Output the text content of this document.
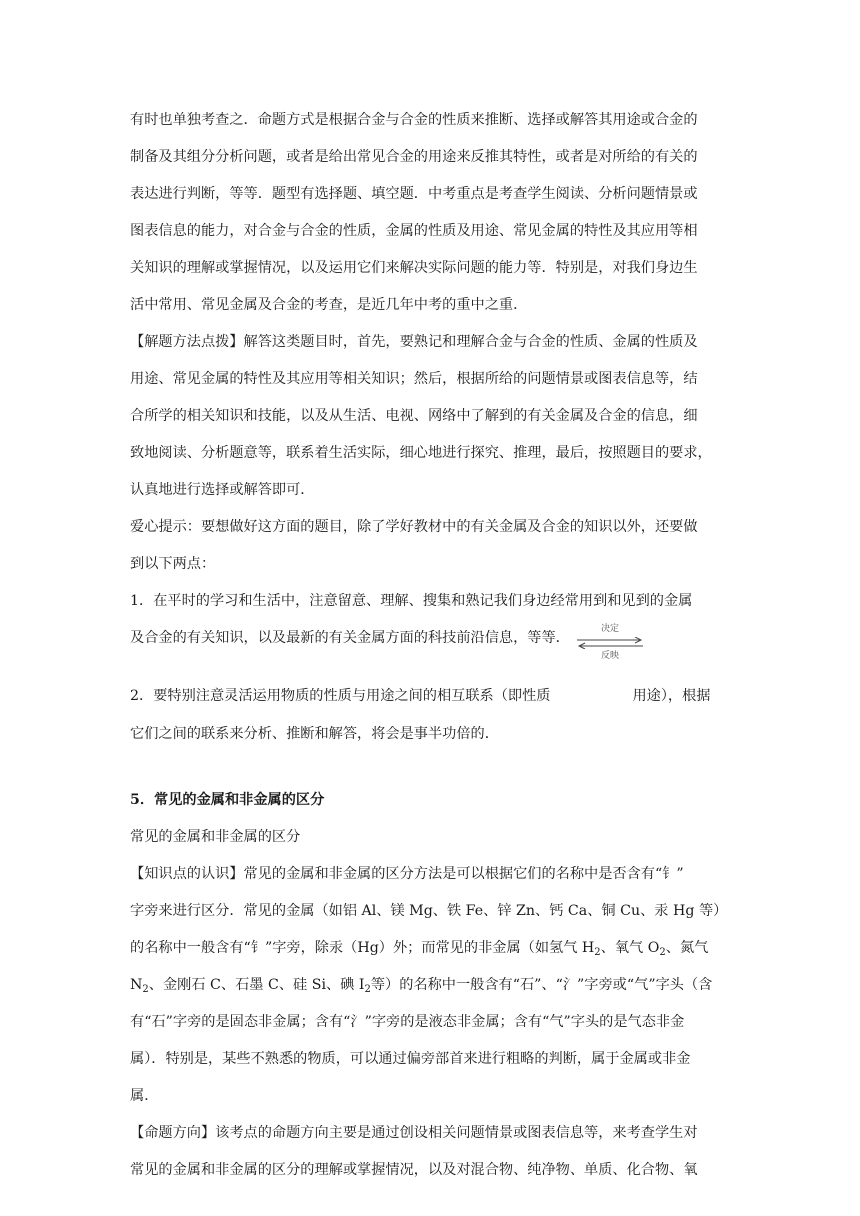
有时也单独考查之．命题方式是根据合金与合金的性质来推断、选择或解答其用途或合金的
制备及其组分分析问题，或者是给出常见合金的用途来反推其特性，或者是对所给的有关的
表达进行判断，等等．题型有选择题、填空题．中考重点是考查学生阅读、分析问题情景或
图表信息的能力，对合金与合金的性质，金属的性质及用途、常见金属的特性及其应用等相
关知识的理解或掌握情况，以及运用它们来解决实际问题的能力等．特别是，对我们身边生
活中常用、常见金属及合金的考查，是近几年中考的重中之重．
【解题方法点拨】解答这类题目时，首先，要熟记和理解合金与合金的性质、金属的性质及
用途、常见金属的特性及其应用等相关知识；然后，根据所给的问题情景或图表信息等，结
合所学的相关知识和技能，以及从生活、电视、网络中了解到的有关金属及合金的信息，细
致地阅读、分析题意等，联系着生活实际，细心地进行探究、推理，最后，按照题目的要求，
认真地进行选择或解答即可．
爱心提示：要想做好这方面的题目，除了学好教材中的有关金属及合金的知识以外，还要做
到以下两点：
1．在平时的学习和生活中，注意留意、理解、搜集和熟记我们身边经常用到和见到的金属
及合金的有关知识，以及最新的有关金属方面的科技前沿信息，等等．
2．要特别注意灵活运用物质的性质与用途之间的相互联系（即性质	用途），根据
决定
反映
它们之间的联系来分析、推断和解答，将会是事半功倍的．
5．常见的金属和非金属的区分
常见的金属和非金属的区分
【知识点的认识】常见的金属和非金属的区分方法是可以根据它们的名称中是否含有“钅”
字旁来进行区分．常见的金属（如铝 Al、镁 Mg、铁 Fe、锌 Zn、钙 Ca、铜 Cu、汞 Hg 等）
的名称中一般含有“钅”字旁，除汞（Hg）外；而常见的非金属（如氢气 $H_2$、氧气 $O_2$、氮气
$N_2$、金刚石 C、石墨 C、硅 Si、碘 $I_2$等）的名称中一般含有“石”、“氵”字旁或“气”字头（含
有“石”字旁的是固态非金属；含有“氵”字旁的是液态非金属；含有“气”字头的是气态非金
属）．特别是，某些不熟悉的物质，可以通过偏旁部首来进行粗略的判断，属于金属或非金
属．
【命题方向】该考点的命题方向主要是通过创设相关问题情景或图表信息等，来考查学生对
常见的金属和非金属的区分的理解或掌握情况，以及对混合物、纯净物、单质、化合物、氧
